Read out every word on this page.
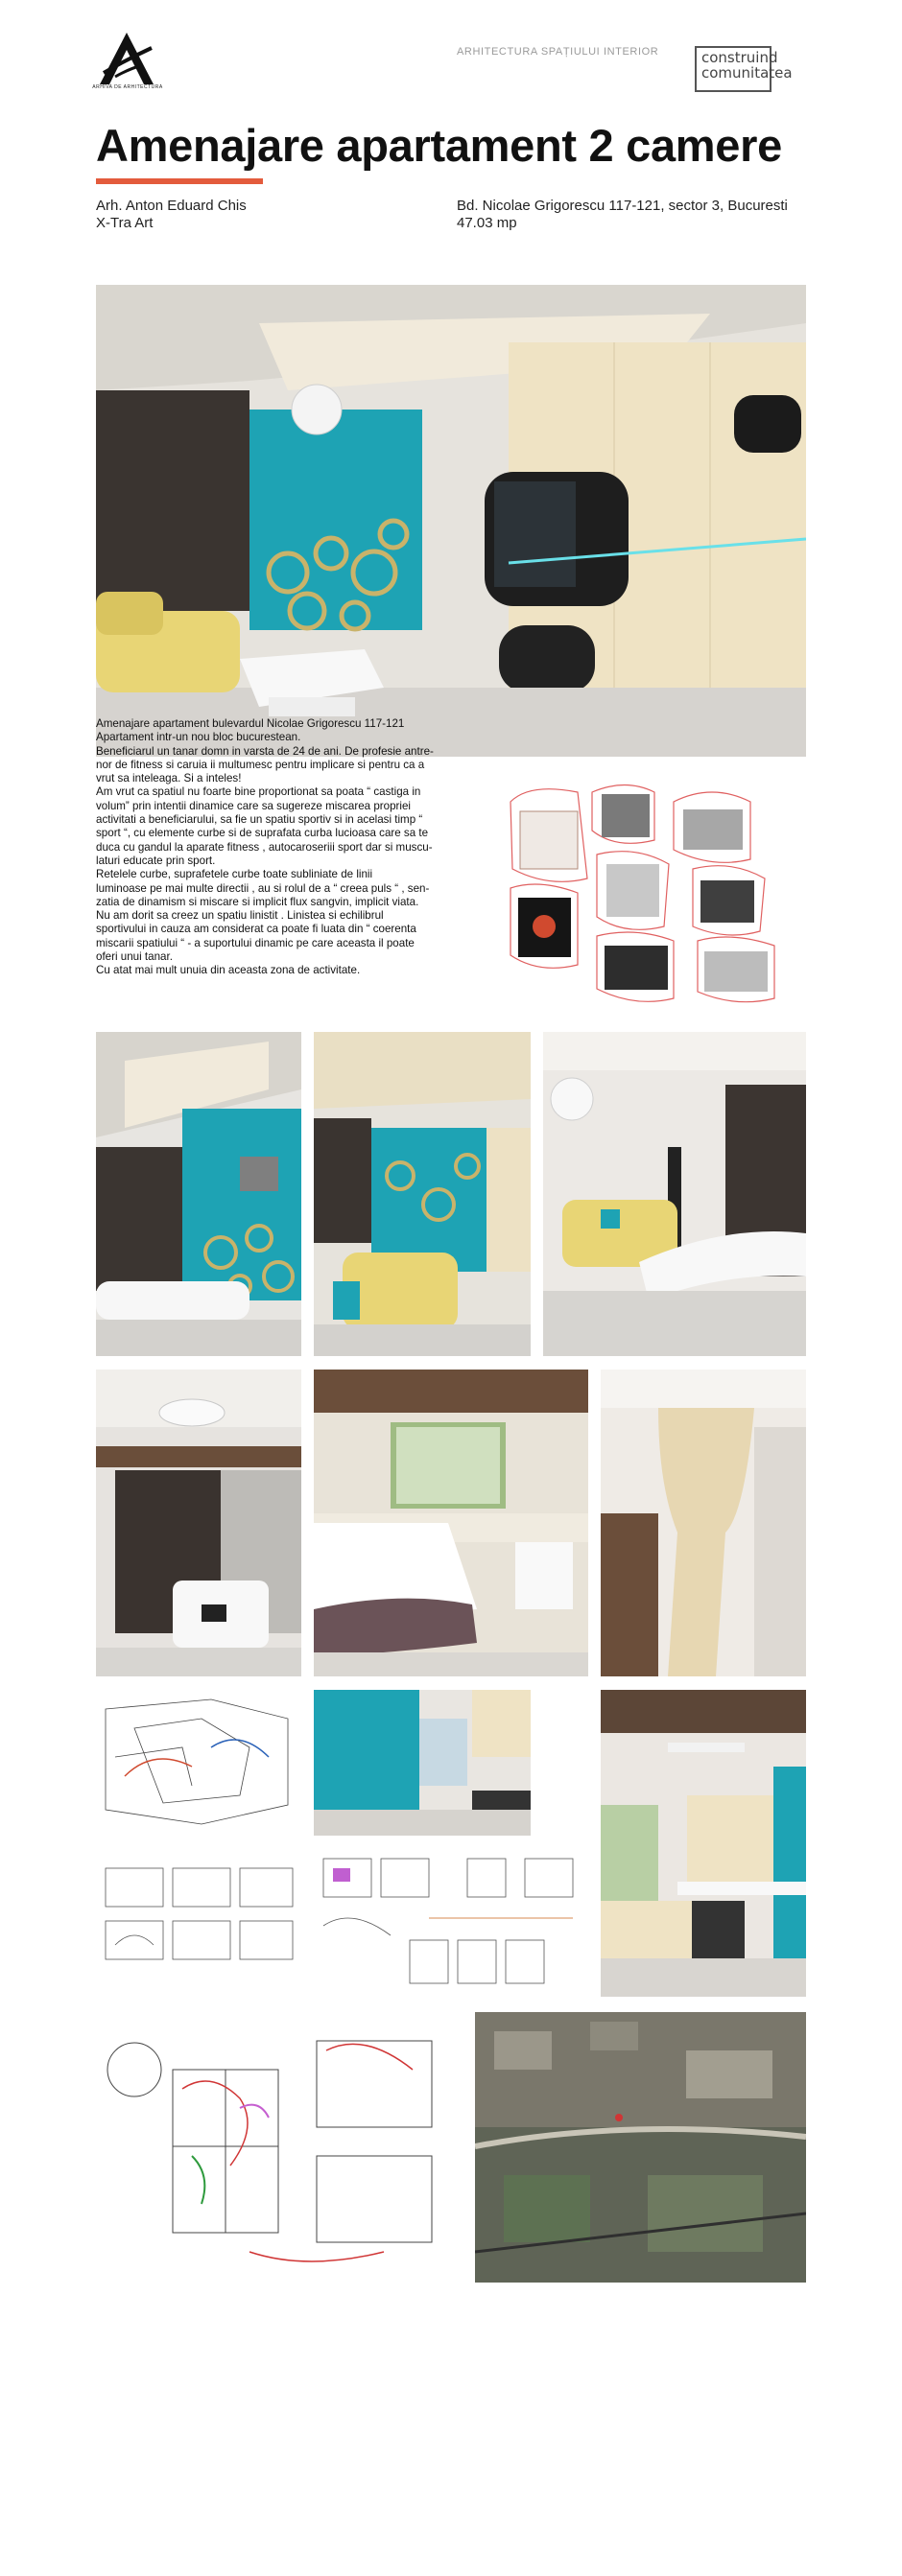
ARHIVA DE ARHITECTURA
ARHITECTURA SPAȚIULUI INTERIOR	construind
comunitatea
Amenajare apartament 2 camere
Arh. Anton Eduard Chis
X-Tra Art
Bd. Nicolae Grigorescu 117-121, sector 3, Bucuresti
47.03 mp

Amenajare apartament bulevardul Nicolae Grigorescu 117-121

Apartament intr-un nou bloc bucurestean.

Beneficiarul un tanar domn in varsta de 24 de ani. De profesie antre-

nor de fitness si caruia ii multumesc pentru implicare si pentru ca a

vrut sa inteleaga. Si a inteles!

Am vrut ca spatiul nu foarte bine proportionat sa poata “ castiga in

volum” prin intentii dinamice care sa sugereze miscarea propriei

activitati a beneficiarului, sa fie un spatiu sportiv si in acelasi timp “

sport “, cu elemente curbe si de suprafata curba lucioasa care sa te

duca cu gandul la aparate fitness , autocaroseriii sport dar si muscu-

laturi educate prin sport.

Retelele curbe, suprafetele curbe toate subliniate de linii

luminoase pe mai multe directii , au si rolul de a “ creea puls “ , sen-

zatia de dinamism si miscare si implicit flux sangvin, implicit viata.

Nu am dorit sa creez un spatiu linistit . Linistea si echilibrul

sportivului in cauza am considerat ca poate fi luata din “ coerenta

miscarii spatiului “ - a suportului dinamic pe care aceasta il poate

oferi unui tanar.

Cu atat mai mult unuia din aceasta zona de activitate.
